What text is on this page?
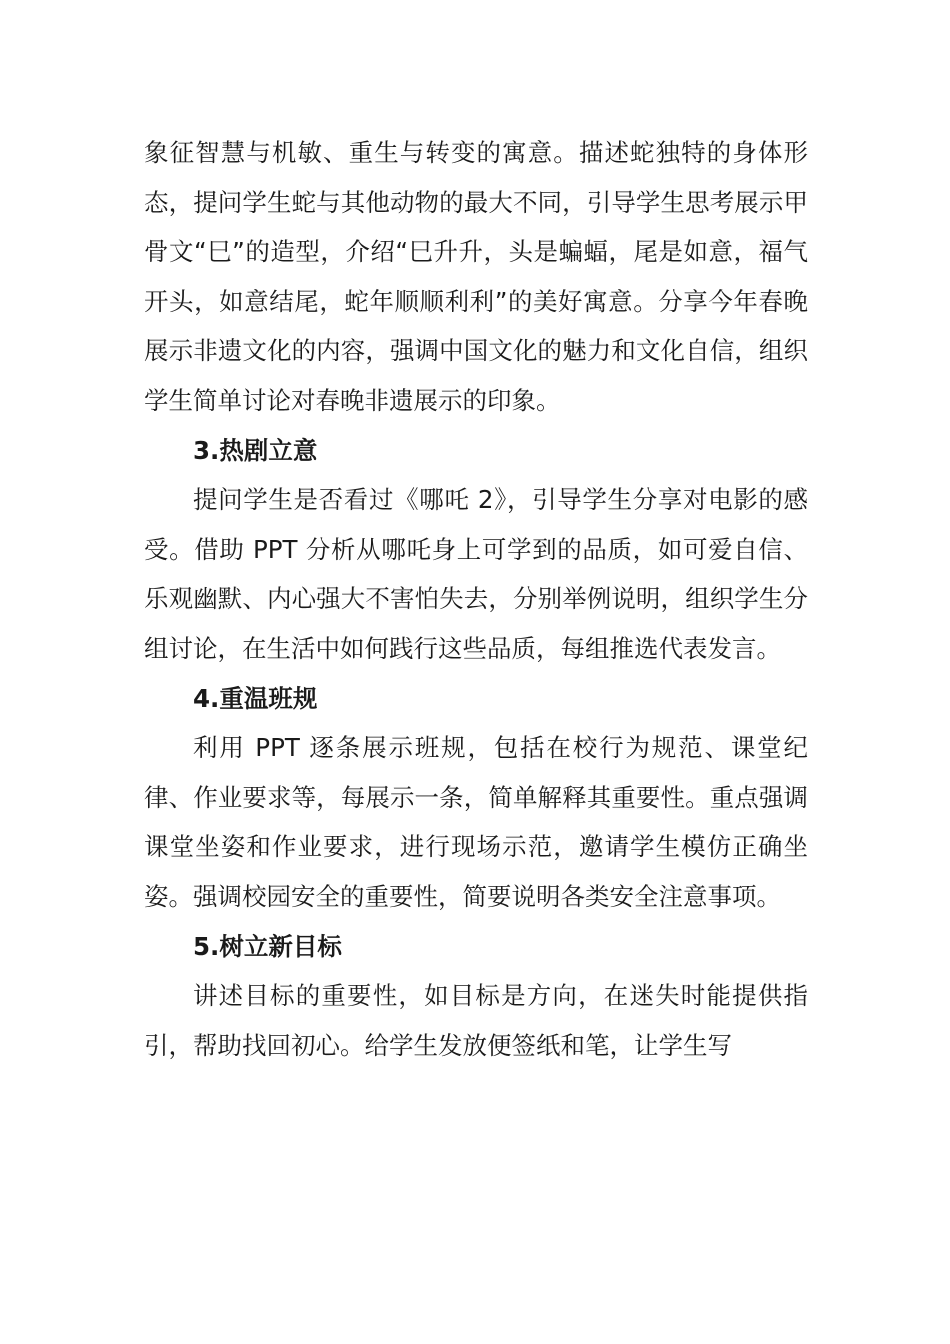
象征智慧与机敏、重生与转变的寓意。描述蛇独特的身体形态，提问学生蛇与其他动物的最大不同，引导学生思考展示甲骨文“巳”的造型，介绍“巳升升，头是蝙蝠，尾是如意，福气开头，如意结尾，蛇年顺顺利利”的美好寓意。分享今年春晚展示非遗文化的内容，强调中国文化的魅力和文化自信，组织学生简单讨论对春晚非遗展示的印象。

3.热剧立意

提问学生是否看过《哪吒 2》，引导学生分享对电影的感受。借助 PPT 分析从哪吒身上可学到的品质，如可爱自信、乐观幽默、内心强大不害怕失去，分别举例说明，组织学生分组讨论，在生活中如何践行这些品质，每组推选代表发言。

4.重温班规

利用 PPT 逐条展示班规，包括在校行为规范、课堂纪律、作业要求等，每展示一条，简单解释其重要性。重点强调课堂坐姿和作业要求，进行现场示范，邀请学生模仿正确坐姿。强调校园安全的重要性，简要说明各类安全注意事项。

5.树立新目标

讲述目标的重要性，如目标是方向，在迷失时能提供指引，帮助找回初心。给学生发放便签纸和笔，让学生写
